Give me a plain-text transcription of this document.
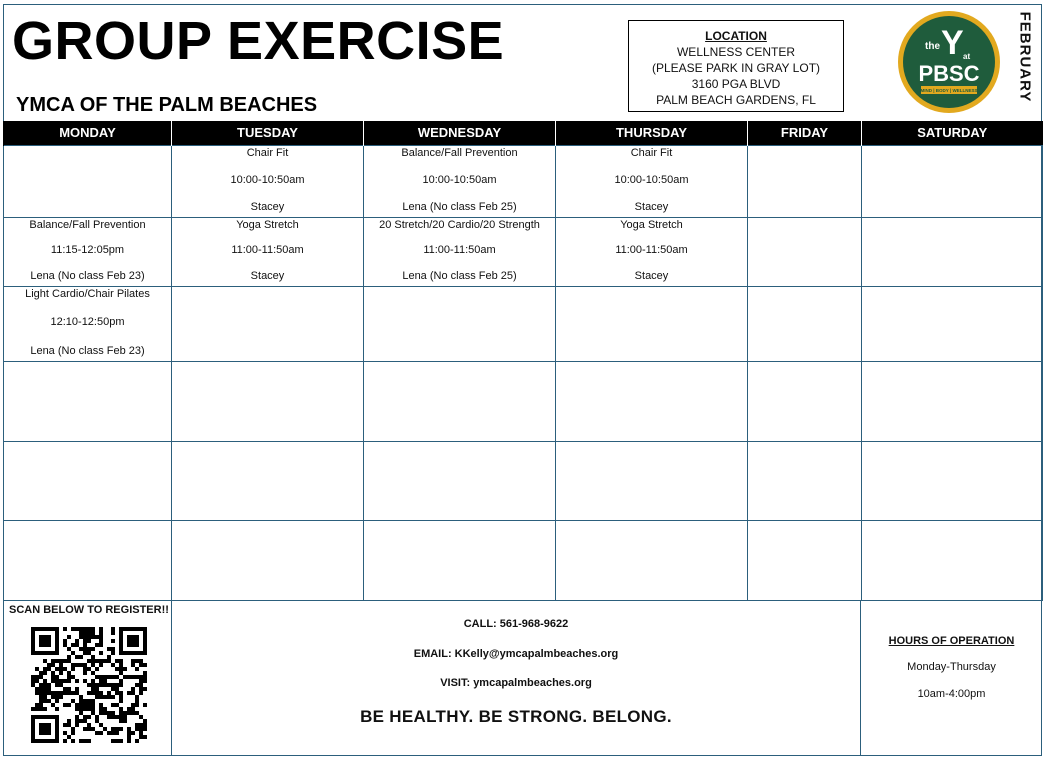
GROUP EXERCISE
YMCA OF THE PALM BEACHES
LOCATION
WELLNESS CENTER
(PLEASE PARK IN GRAY LOT)
3160 PGA BLVD
PALM BEACH GARDENS, FL
the Y at
PBSC
MIND | BODY | WELLNESS	FEBRUARY
MONDAY	TUESDAY	WEDNESDAY	THURSDAY	FRIDAY	SATURDAY

	Chair Fit
10:00-10:50am
Stacey	Balance/Fall Prevention
10:00-10:50am
Lena (No class Feb 25)	Chair Fit
10:00-10:50am
Stacey		

Balance/Fall Prevention
11:15-12:05pm
Lena (No class Feb 23)	Yoga Stretch
11:00-11:50am
Stacey	20 Stretch/20 Cardio/20 Strength
11:00-11:50am
Lena (No class Feb 25)	Yoga Stretch
11:00-11:50am
Stacey		

Light Cardio/Chair Pilates
12:10-12:50pm
Lena (No class Feb 23)					

SCAN BELOW TO REGISTER!!
CALL: 561-968-9622
EMAIL: KKelly@ymcapalmbeaches.org
VISIT: ymcapalmbeaches.org
BE HEALTHY. BE STRONG. BELONG.
HOURS OF OPERATION
Monday-Thursday
10am-4:00pm
